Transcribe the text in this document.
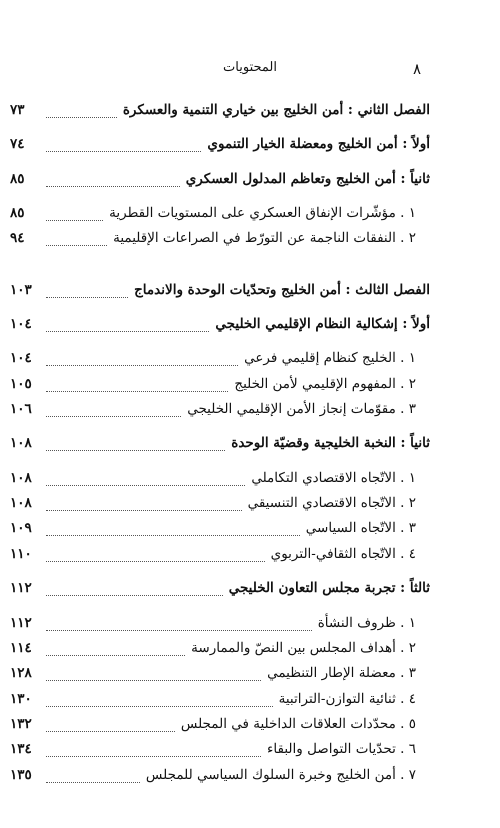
٨
المحتويات
الفصل الثاني : أمن الخليج بين خياري التنمية والعسكرة
٧٣
أولاً : أمن الخليج ومعضلة الخيار التنموي
٧٤
ثانياً : أمن الخليج وتعاظم المدلول العسكري
٨٥
١ . مؤشّرات الإنفاق العسكري على المستويات القطرية
٨٥
٢ . النفقات الناجمة عن التورّط في الصراعات الإقليمية
٩٤
الفصل الثالث : أمن الخليج وتحدّيات الوحدة والاندماج
١٠٣
أولاً : إشكالية النظام الإقليمي الخليجي
١٠٤
١ . الخليج كنظام إقليمي فرعي
١٠٤
٢ . المفهوم الإقليمي لأمن الخليج
١٠٥
٣ . مقوّمات إنجاز الأمن الإقليمي الخليجي
١٠٦
ثانياً : النخبة الخليجية وقضيّة الوحدة
١٠٨
١ . الاتّجاه الاقتصادي التكاملي
١٠٨
٢ . الاتّجاه الاقتصادي التنسيقي
١٠٨
٣ . الاتّجاه السياسي
١٠٩
٤ . الاتّجاه الثقافي-التربوي
١١٠
ثالثاً : تجربة مجلس التعاون الخليجي
١١٢
١ . ظروف النشأة
١١٢
٢ . أهداف المجلس بين النصّ والممارسة
١١٤
٣ . معضلة الإطار التنظيمي
١٢٨
٤ . ثنائية التوازن-التراتبية
١٣٠
٥ . محدّدات العلاقات الداخلية في المجلس
١٣٢
٦ . تحدّيات التواصل والبقاء
١٣٤
٧ . أمن الخليج وخبرة السلوك السياسي للمجلس
١٣٥
